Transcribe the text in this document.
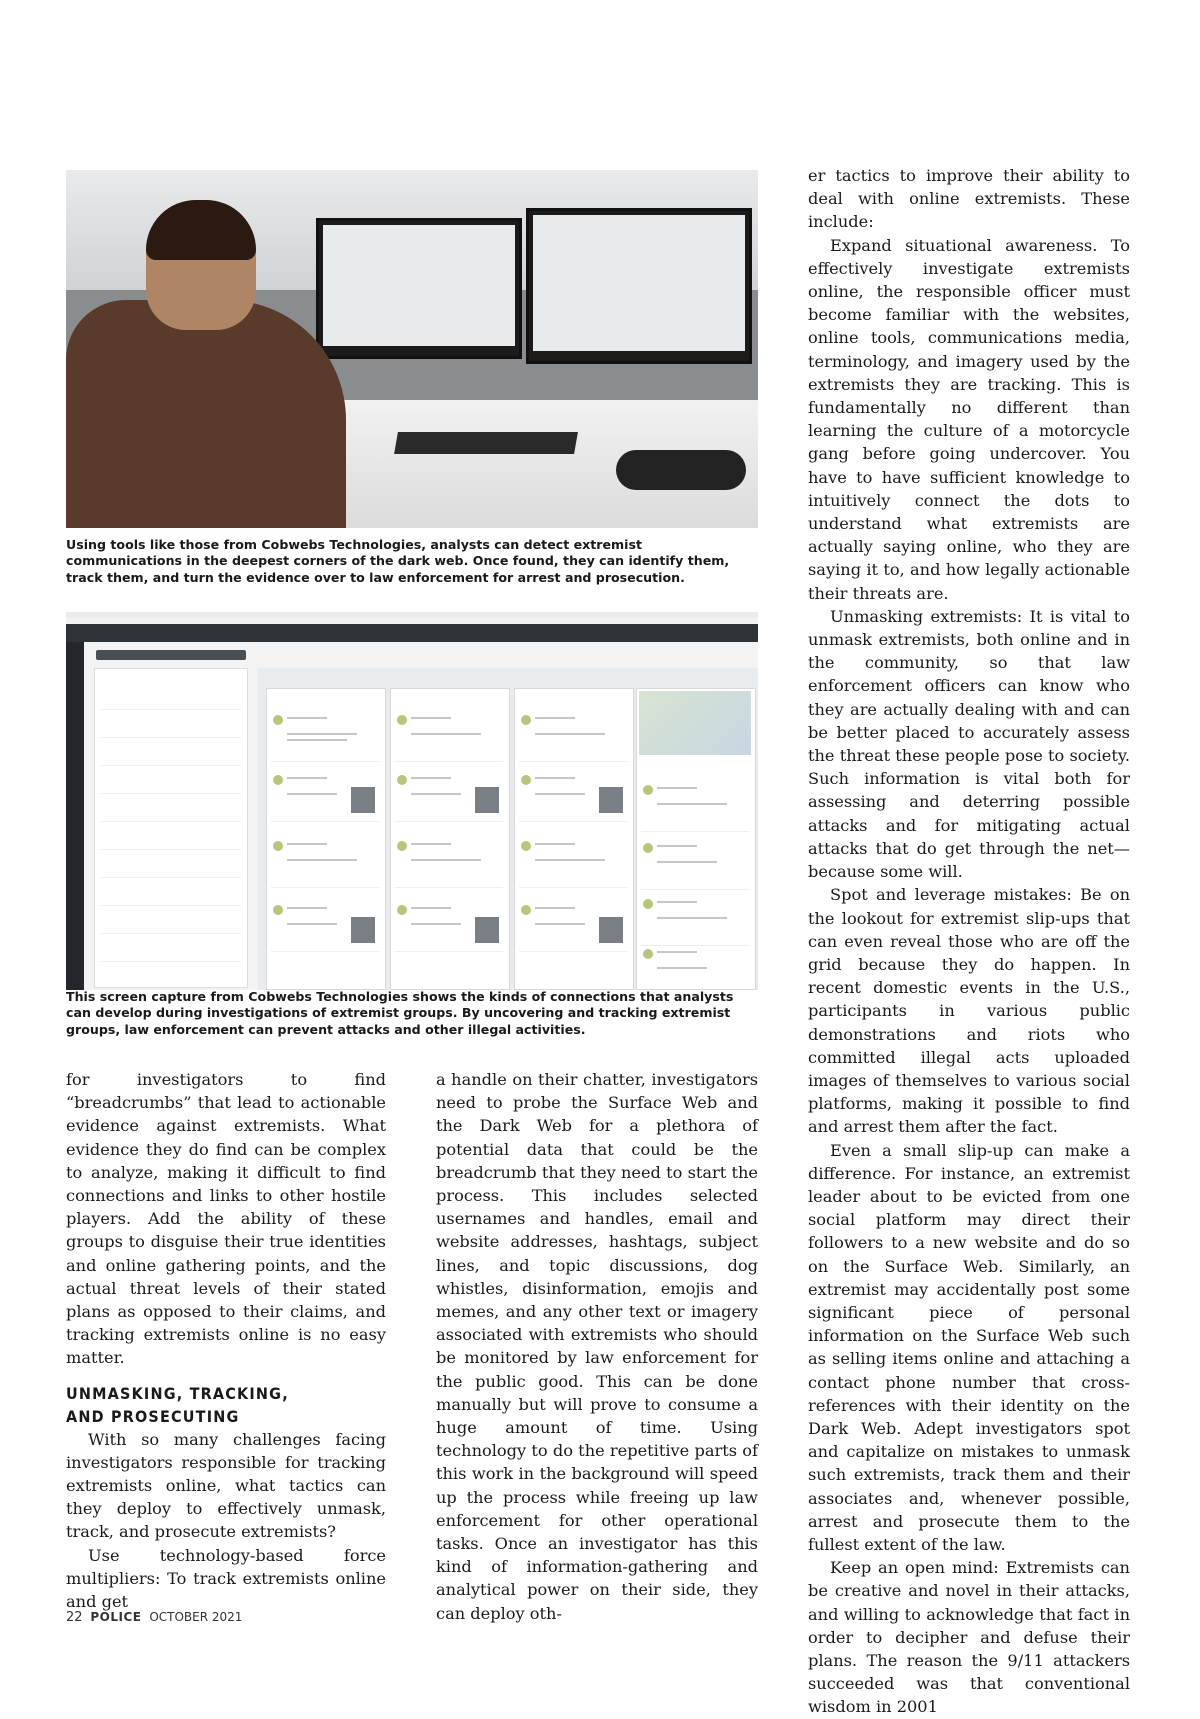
Using tools like those from Cobwebs Technologies, analysts can detect extremist communications in the deepest corners of the dark web. Once found, they can identify them, track them, and turn the evidence over to law enforcement for arrest and prosecution.
This screen capture from Cobwebs Technologies shows the kinds of connections that analysts can develop during investigations of extremist groups. By uncovering and tracking extremist groups, law enforcement can prevent attacks and other illegal activities.

for investigators to find “breadcrumbs” that lead to actionable evidence against extremists. What evidence they do find can be complex to analyze, making it difficult to find connections and links to other hostile players. Add the ability of these groups to disguise their true identities and online gathering points, and the actual threat levels of their stated plans as opposed to their claims, and tracking extremists online is no easy matter.

UNMASKING, TRACKING,
AND PROSECUTING

With so many challenges facing investigators responsible for tracking extremists online, what tactics can they deploy to effectively unmask, track, and prosecute extremists?

Use technology-based force multipliers: To track extremists online and get

a handle on their chatter, investigators need to probe the Surface Web and the Dark Web for a plethora of potential data that could be the breadcrumb that they need to start the process. This includes selected usernames and handles, email and website addresses, hashtags, subject lines, and topic discussions, dog whistles, disinformation, emojis and memes, and any other text or imagery associated with extremists who should be monitored by law enforcement for the public good. This can be done manually but will prove to consume a huge amount of time. Using technology to do the repetitive parts of this work in the background will speed up the process while freeing up law enforcement for other operational tasks. Once an investigator has this kind of information-gathering and analytical power on their side, they can deploy oth-

er tactics to improve their ability to deal with online extremists. These include:

Expand situational awareness. To effectively investigate extremists online, the responsible officer must become familiar with the websites, online tools, communications media, terminology, and imagery used by the extremists they are tracking. This is fundamentally no different than learning the culture of a motorcycle gang before going undercover. You have to have sufficient knowledge to intuitively connect the dots to understand what extremists are actually saying online, who they are saying it to, and how legally actionable their threats are.

Unmasking extremists: It is vital to unmask extremists, both online and in the community, so that law enforcement officers can know who they are actually dealing with and can be better placed to accurately assess the threat these people pose to society. Such information is vital both for assessing and deterring possible attacks and for mitigating actual attacks that do get through the net—because some will.

Spot and leverage mistakes: Be on the lookout for extremist slip-ups that can even reveal those who are off the grid because they do happen. In recent domestic events in the U.S., participants in various public demonstrations and riots who committed illegal acts uploaded images of themselves to various social platforms, making it possible to find and arrest them after the fact.

Even a small slip-up can make a difference. For instance, an extremist leader about to be evicted from one social platform may direct their followers to a new website and do so on the Surface Web. Similarly, an extremist may accidentally post some significant piece of personal information on the Surface Web such as selling items online and attaching a contact phone number that cross-references with their identity on the Dark Web. Adept investigators spot and capitalize on mistakes to unmask such extremists, track them and their associates and, whenever possible, arrest and prosecute them to the fullest extent of the law.

Keep an open mind: Extremists can be creative and novel in their attacks, and willing to acknowledge that fact in order to decipher and defuse their plans. The reason the 9/11 attackers succeeded was that conventional wisdom in 2001

22 POLICE OCTOBER 2021
